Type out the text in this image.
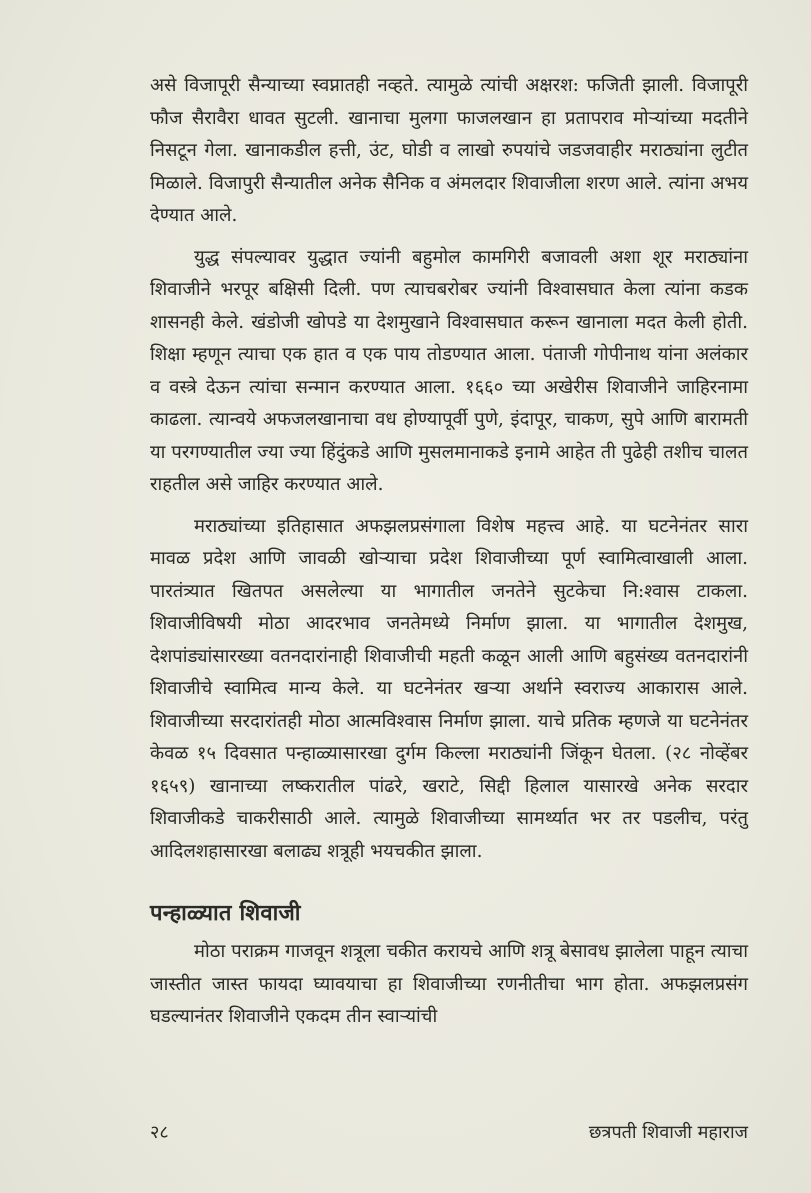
असे विजापूरी सैन्याच्या स्वप्नातही नव्हते. त्यामुळे त्यांची अक्षरश: फजिती झाली. विजापूरी फौज सैरावैरा धावत सुटली. खानाचा मुलगा फाजलखान हा प्रतापराव मोऱ्यांच्या मदतीने निसटून गेला. खानाकडील हत्ती, उंट, घोडी व लाखो रुपयांचे जडजवाहीर मराठ्यांना लुटीत मिळाले. विजापुरी सैन्यातील अनेक सैनिक व अंमलदार शिवाजीला शरण आले. त्यांना अभय देण्यात आले.

युद्ध संपल्यावर युद्धात ज्यांनी बहुमोल कामगिरी बजावली अशा शूर मराठ्यांना शिवाजीने भरपूर बक्षिसी दिली. पण त्याचबरोबर ज्यांनी विश्वासघात केला त्यांना कडक शासनही केले. खंडोजी खोपडे या देशमुखाने विश्वासघात करून खानाला मदत केली होती. शिक्षा म्हणून त्याचा एक हात व एक पाय तोडण्यात आला. पंताजी गोपीनाथ यांना अलंकार व वस्त्रे देऊन त्यांचा सन्मान करण्यात आला. १६६० च्या अखेरीस शिवाजीने जाहिरनामा काढला. त्यान्वये अफजलखानाचा वध होण्यापूर्वी पुणे, इंदापूर, चाकण, सुपे आणि बारामती या परगण्यातील ज्या ज्या हिंदुंकडे आणि मुसलमानाकडे इनामे आहेत ती पुढेही तशीच चालत राहतील असे जाहिर करण्यात आले.

मराठ्यांच्या इतिहासात अफझलप्रसंगाला विशेष महत्त्व आहे. या घटनेनंतर सारा मावळ प्रदेश आणि जावळी खोऱ्याचा प्रदेश शिवाजीच्या पूर्ण स्वामित्वाखाली आला. पारतंत्र्यात खितपत असलेल्या या भागातील जनतेने सुटकेचा नि:श्वास टाकला. शिवाजीविषयी मोठा आदरभाव जनतेमध्ये निर्माण झाला. या भागातील देशमुख, देशपांड्यांसारख्या वतनदारांनाही शिवाजीची महती कळून आली आणि बहुसंख्य वतनदारांनी शिवाजीचे स्वामित्व मान्य केले. या घटनेनंतर खऱ्या अर्थाने स्वराज्य आकारास आले. शिवाजीच्या सरदारांतही मोठा आत्मविश्वास निर्माण झाला. याचे प्रतिक म्हणजे या घटनेनंतर केवळ १५ दिवसात पन्हाळ्यासारखा दुर्गम किल्ला मराठ्यांनी जिंकून घेतला. (२८ नोव्हेंबर १६५९) खानाच्या लष्करातील पांढरे, खराटे, सिद्दी हिलाल यासारखे अनेक सरदार शिवाजीकडे चाकरीसाठी आले. त्यामुळे शिवाजीच्या सामर्थ्यात भर तर पडलीच, परंतु आदिलशहासारखा बलाढ्य शत्रूही भयचकीत झाला.

पन्हाळ्यात शिवाजी

मोठा पराक्रम गाजवून शत्रूला चकीत करायचे आणि शत्रू बेसावध झालेला पाहून त्याचा जास्तीत जास्त फायदा घ्यावयाचा हा शिवाजीच्या रणनीतीचा भाग होता. अफझलप्रसंग घडल्यानंतर शिवाजीने एकदम तीन स्वाऱ्यांची

२८	छत्रपती शिवाजी महाराज
